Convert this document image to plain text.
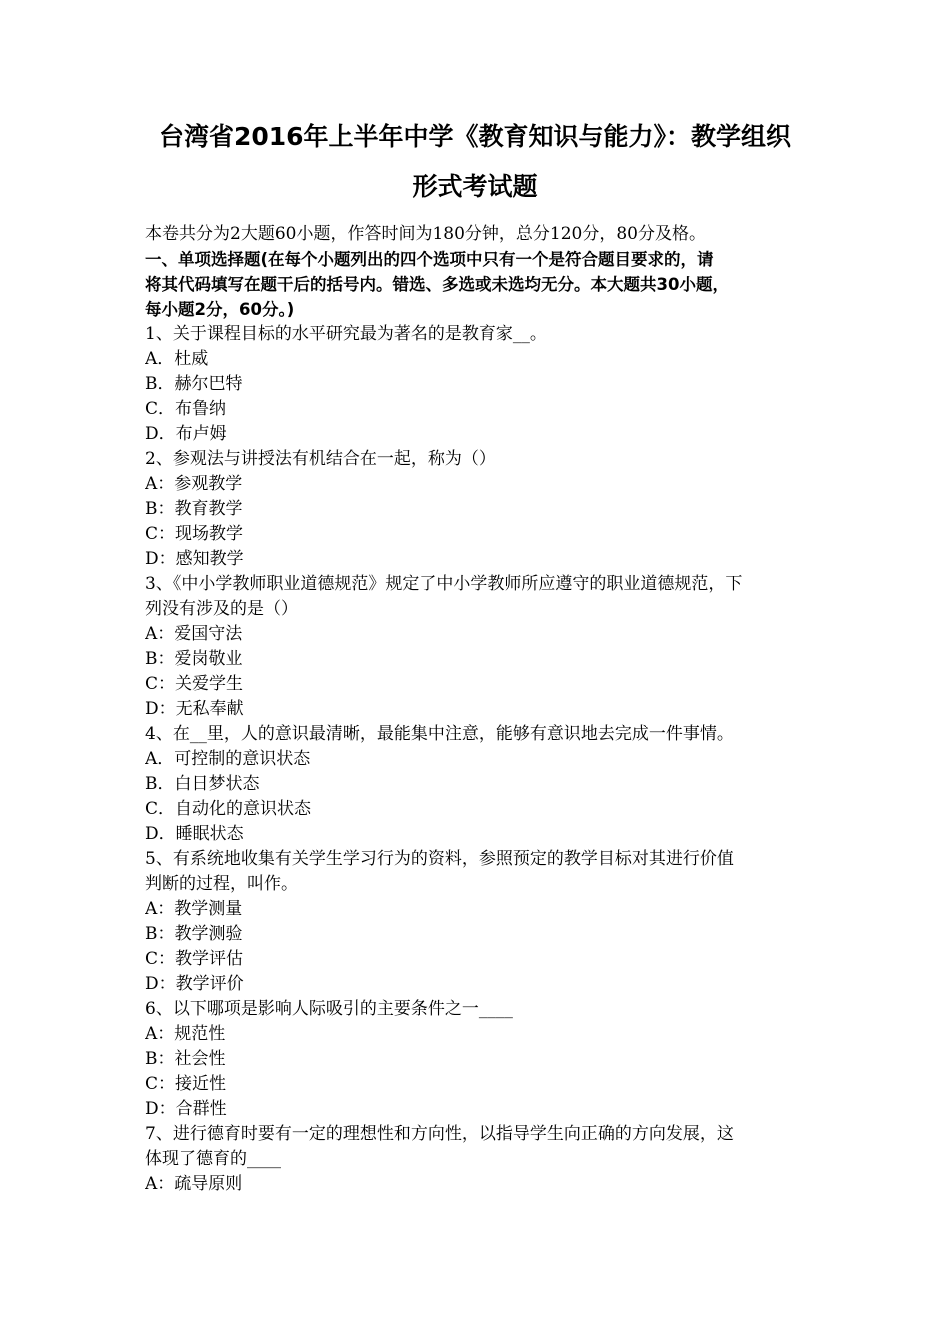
台湾省2016年上半年中学《教育知识与能力》：教学组织
形式考试题
本卷共分为2大题60小题，作答时间为180分钟，总分120分，80分及格。
一、单项选择题(在每个小题列出的四个选项中只有一个是符合题目要求的，请
将其代码填写在题干后的括号内。错选、多选或未选均无分。本大题共30小题，
每小题2分，60分。)
1、关于课程目标的水平研究最为著名的是教育家__。
A．杜威
B．赫尔巴特
C．布鲁纳
D．布卢姆
2、参观法与讲授法有机结合在一起，称为（）
A：参观教学
B：教育教学
C：现场教学
D：感知教学
3、《中小学教师职业道德规范》规定了中小学教师所应遵守的职业道德规范，下
列没有涉及的是（）
A：爱国守法
B：爱岗敬业
C：关爱学生
D：无私奉献
4、在__里，人的意识最清晰，最能集中注意，能够有意识地去完成一件事情。
A．可控制的意识状态
B．白日梦状态
C．自动化的意识状态
D．睡眠状态
5、有系统地收集有关学生学习行为的资料，参照预定的教学目标对其进行价值
判断的过程，叫作。
A：教学测量
B：教学测验
C：教学评估
D：教学评价
6、以下哪项是影响人际吸引的主要条件之一____
A：规范性
B：社会性
C：接近性
D：合群性
7、进行德育时要有一定的理想性和方向性，以指导学生向正确的方向发展，这
体现了德育的____
A：疏导原则
